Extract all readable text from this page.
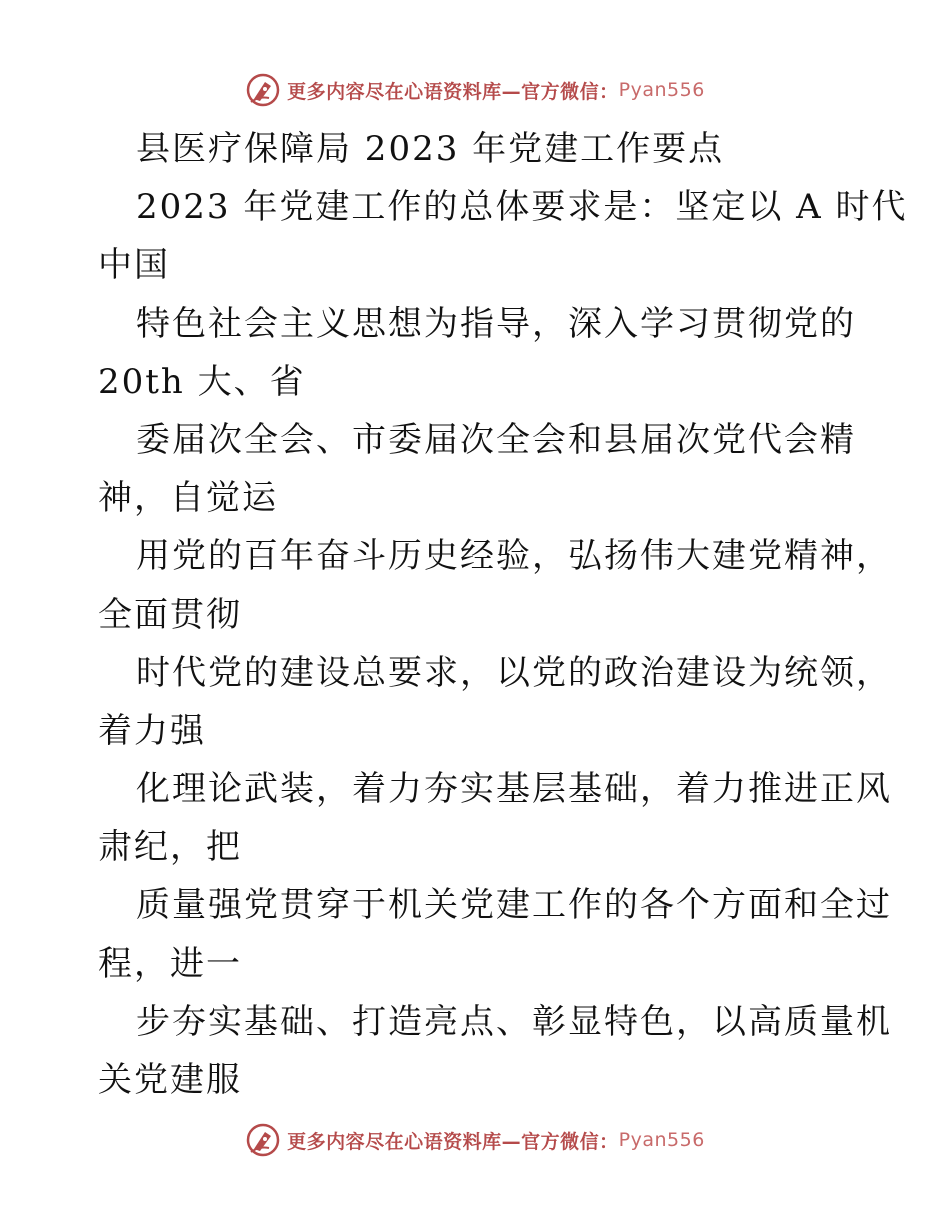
更多内容尽在心语资料库—官方微信： Pyan556
县医疗保障局 2023 年党建工作要点
2023 年党建工作的总体要求是：坚定以 A 时代
中国
特色社会主义思想为指导，深入学习贯彻党的
20th 大、省
委届次全会、市委届次全会和县届次党代会精
神，自觉运
用党的百年奋斗历史经验，弘扬伟大建党精神，
全面贯彻
时代党的建设总要求，以党的政治建设为统领，
着力强
化理论武装，着力夯实基层基础，着力推进正风
肃纪，把
质量强党贯穿于机关党建工作的各个方面和全过
程，进一
步夯实基础、打造亮点、彰显特色，以高质量机
关党建服
更多内容尽在心语资料库—官方微信： Pyan556
